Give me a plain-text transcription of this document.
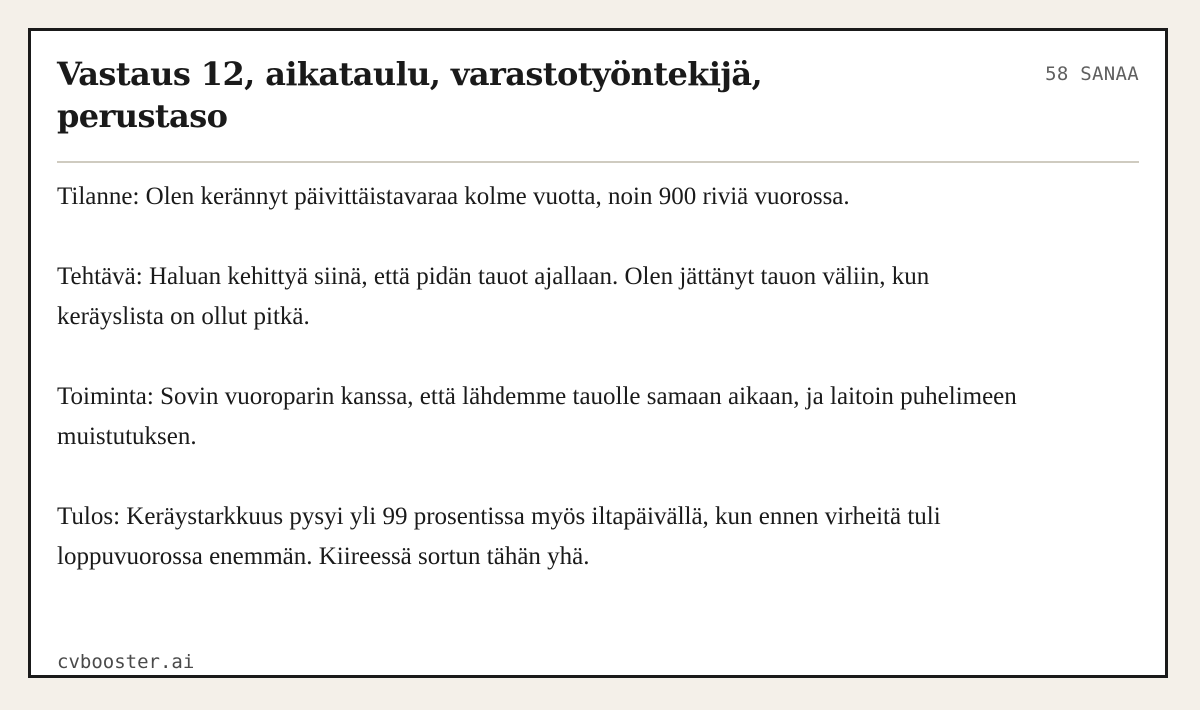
Vastaus 12, aikataulu, varastotyöntekijä, perustaso
58 SANAA

Tilanne: Olen kerännyt päivittäistavaraa kolme vuotta, noin 900 riviä vuorossa.

Tehtävä: Haluan kehittyä siinä, että pidän tauot ajallaan. Olen jättänyt tauon väliin, kun keräyslista on ollut pitkä.

Toiminta: Sovin vuoroparin kanssa, että lähdemme tauolle samaan aikaan, ja laitoin puhelimeen muistutuksen.

Tulos: Keräystarkkuus pysyi yli 99 prosentissa myös iltapäivällä, kun ennen virheitä tuli loppuvuorossa enemmän. Kiireessä sortun tähän yhä.

cvbooster.ai
